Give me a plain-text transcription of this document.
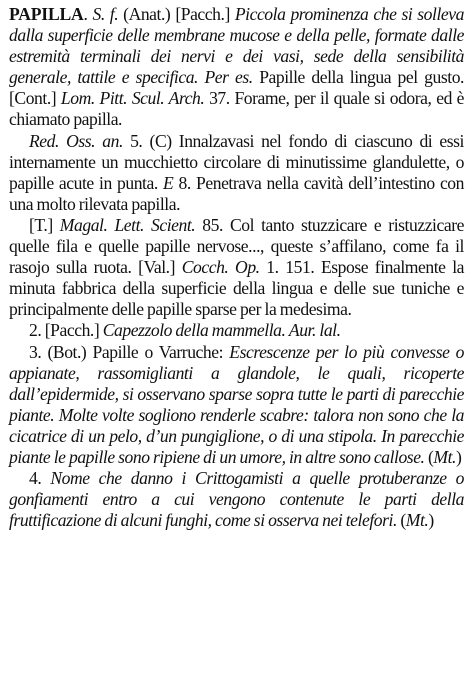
PAPILLA. S. f. (Anat.) [Pacch.] Piccola prominenza che si solleva dalla superficie delle membrane mucose e della pelle, formate dalle estremità terminali dei nervi e dei vasi, sede della sensibilità generale, tattile e specifica. Per es. Papille della lingua pel gusto. [Cont.] Lom. Pitt. Scul. Arch. 37. Forame, per il quale si odora, ed è chiamato papilla.

Red. Oss. an. 5. (C) Innalzavasi nel fondo di ciascuno di essi internamente un mucchietto circolare di minutissime glandulette, o papille acute in punta. E 8. Penetrava nella cavità dell’intestino con una molto rilevata papilla.

[T.] Magal. Lett. Scient. 85. Col tanto stuzzicare e ristuzzicare quelle fila e quelle papille nervose..., queste s’affilano, come fa il rasojo sulla ruota. [Val.] Cocch. Op. 1. 151. Espose finalmente la minuta fabbrica della superficie della lingua e delle sue tuniche e principalmente delle papille sparse per la medesima.

2. [Pacch.] Capezzolo della mammella. Aur. lal.

3. (Bot.) Papille o Varruche: Escrescenze per lo più convesse o appianate, rassomiglianti a glandole, le quali, ricoperte dall’epidermide, si osservano sparse sopra tutte le parti di parecchie piante. Molte volte sogliono renderle scabre: talora non sono che la cicatrice di un pelo, d’un pungiglione, o di una stipola. In parecchie piante le papille sono ripiene di un umore, in altre sono callose. (Mt.)

4. Nome che danno i Crittogamisti a quelle protuberanze o gonfiamenti entro a cui vengono contenute le parti della fruttificazione di alcuni funghi, come si osserva nei telefori. (Mt.)
